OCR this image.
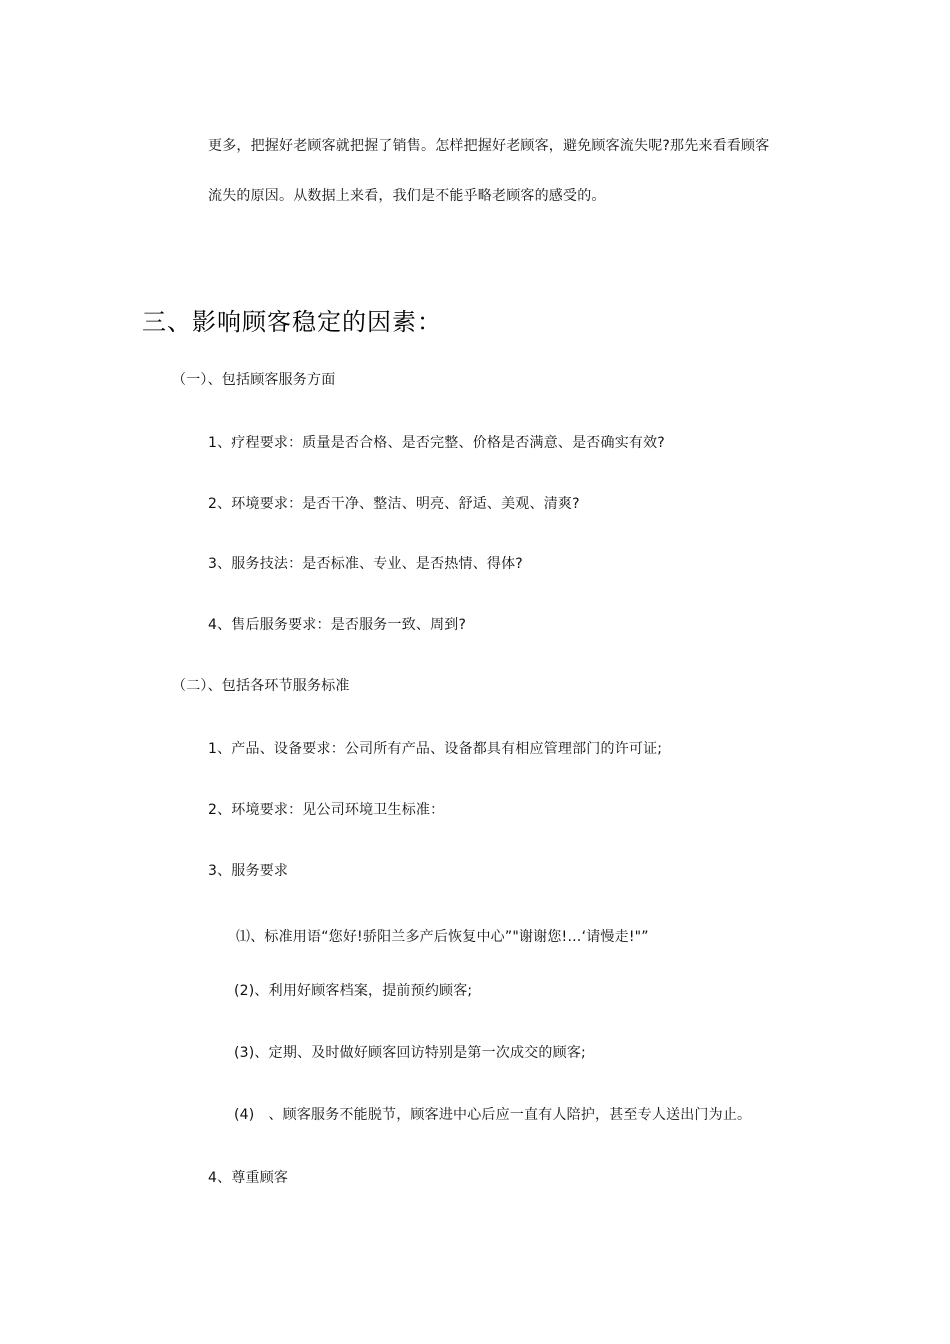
更多，把握好老顾客就把握了销售。怎样把握好老顾客，避免顾客流失呢?那先来看看顾客
流失的原因。从数据上来看，我们是不能乎略老顾客的感受的。
三、影响顾客稳定的因素：
（一）、包括顾客服务方面
1、疗程要求：质量是否合格、是否完整、价格是否满意、是否确实有效?
2、环境要求：是否干净、整洁、明亮、舒适、美观、清爽?
3、服务技法：是否标准、专业、是否热情、得体?
4、售后服务要求：是否服务一致、周到?
（二）、包括各环节服务标准
1、产品、设备要求：公司所有产品、设备都具有相应管理部门的许可证;
2、环境要求：见公司环境卫生标准：
3、服务要求
⑴、标准用语“您好!骄阳兰多产后恢复中心”"谢谢您!…‘请慢走!"”
(2)、利用好顾客档案，提前预约顾客;
(3)、定期、及时做好顾客回访特别是第一次成交的顾客;
(4) 、顾客服务不能脱节，顾客进中心后应一直有人陪护，甚至专人送出门为止。
4、尊重顾客
